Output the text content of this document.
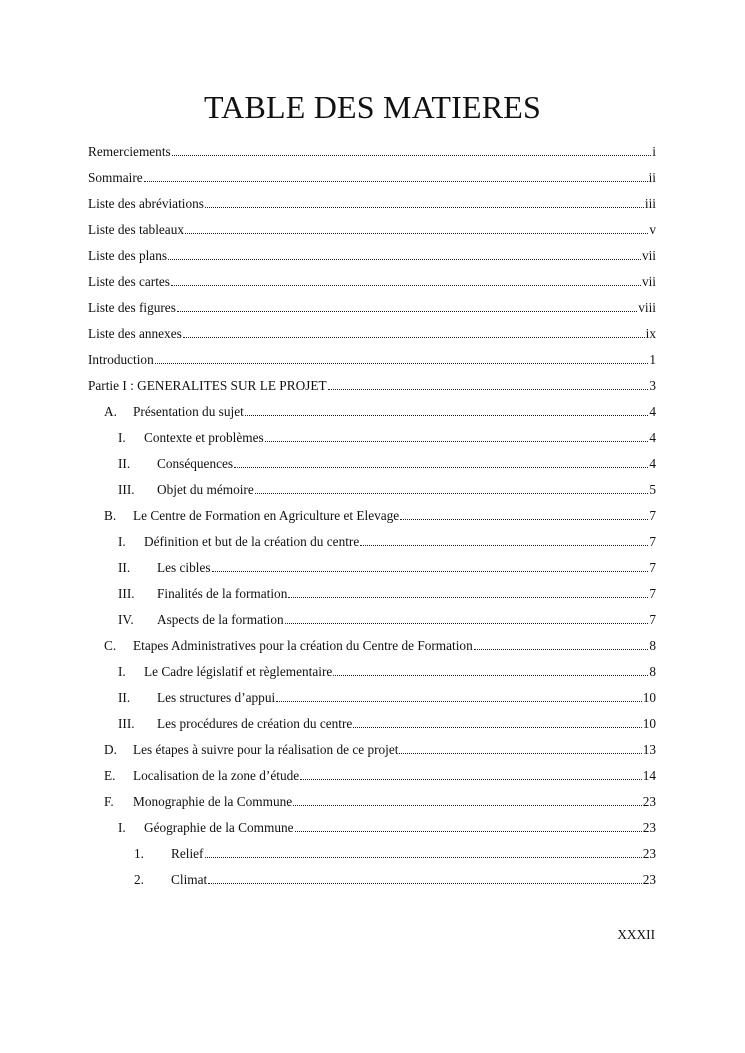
TABLE DES MATIERES
Remerciements	i
Sommaire	ii
Liste des abréviations	iii
Liste des tableaux	v
Liste des plans	vii
Liste des cartes	vii
Liste des figures	viii
Liste des annexes	ix
Introduction	1
Partie I : GENERALITES SUR LE PROJET	3
A.	Présentation du sujet	4
I.	Contexte et problèmes	4
II.	Conséquences	4
III.	Objet du mémoire	5
B.	Le Centre de Formation en Agriculture et Elevage	7
I.	Définition et but de la création du centre	7
II.	Les cibles	7
III.	Finalités de la formation	7
IV.	Aspects de la formation	7
C.	Etapes Administratives pour la création du Centre de Formation	8
I.	Le Cadre législatif et règlementaire	8
II.	Les structures d’appui	10
III.	Les procédures de création du centre	10
D.	Les étapes à suivre pour la réalisation de ce projet	13
E.	Localisation de la zone d’étude	14
F.	Monographie de la Commune	23
I.	Géographie de la Commune	23
1.	Relief	23
2.	Climat	23
XXXII
